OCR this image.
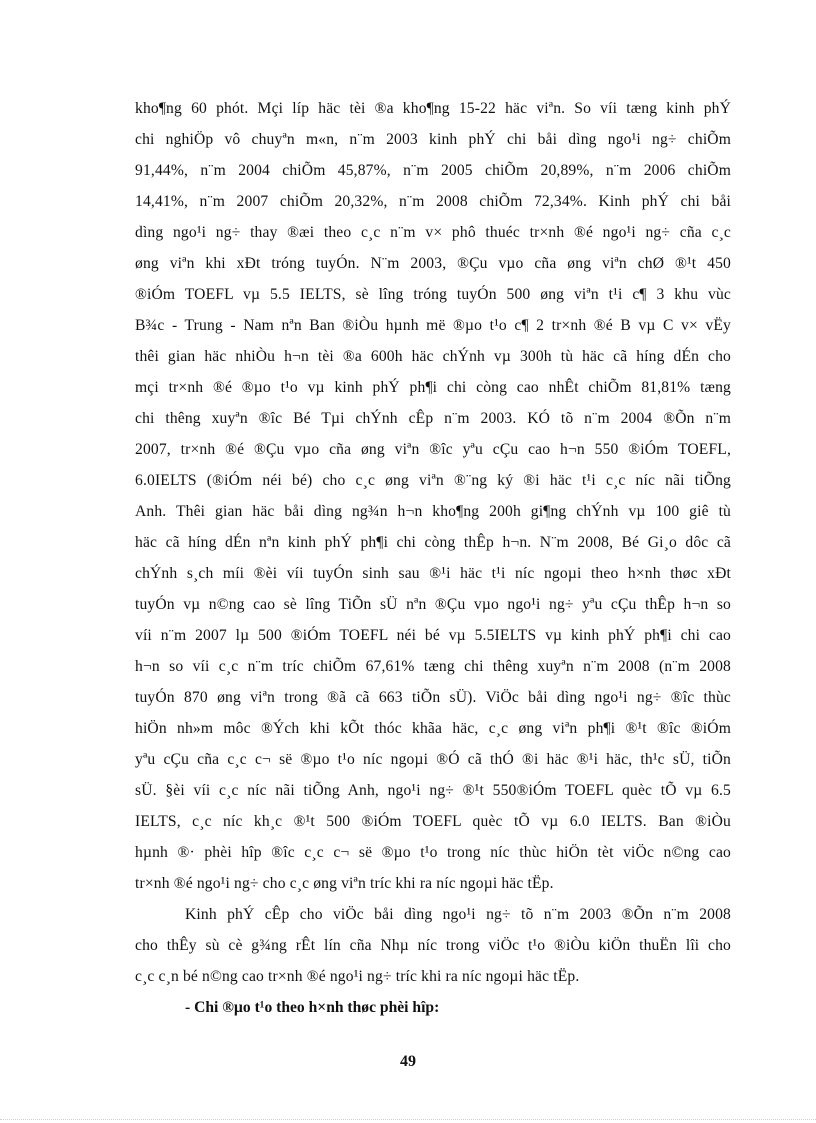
kho¶ng 60 phót. Mçi líp häc tèi ®a kho¶ng 15-22 häc viªn. So víi tæng kinh phÝ
chi nghiÖp vô chuyªn m«n, n¨m 2003 kinh phÝ chi båi dìng ngo¹i ng÷ chiÕm
91,44%, n¨m 2004 chiÕm 45,87%, n¨m 2005 chiÕm 20,89%, n¨m 2006 chiÕm
14,41%, n¨m 2007 chiÕm 20,32%, n¨m 2008 chiÕm 72,34%. Kinh phÝ chi båi
dìng ngo¹i ng÷ thay ®æi theo c¸c n¨m v× phô thuéc tr×nh ®é ngo¹i ng÷ cña c¸c
øng viªn khi xÐt tróng tuyÓn. N¨m 2003, ®Çu vµo cña øng viªn chØ ®¹t 450
®iÓm TOEFL vµ 5.5 IELTS, sè lîng tróng tuyÓn 500 øng viªn t¹i c¶ 3 khu vùc
B¾c - Trung - Nam nªn Ban ®iÒu hµnh më ®µo t¹o c¶ 2 tr×nh ®é B vµ C v× vËy
thêi gian häc nhiÒu h¬n tèi ®a 600h häc chÝnh vµ 300h tù häc cã híng dÉn cho
mçi tr×nh ®é ®µo t¹o vµ kinh phÝ ph¶i chi còng cao nhÊt chiÕm 81,81% tæng
chi thêng xuyªn ®îc Bé Tµi chÝnh cÊp n¨m 2003. KÓ tõ n¨m 2004 ®Õn n¨m
2007, tr×nh ®é ®Çu vµo cña øng viªn ®îc yªu cÇu cao h¬n 550 ®iÓm TOEFL,
6.0IELTS (®iÓm néi bé) cho c¸c øng viªn ®¨ng ký ®i häc t¹i c¸c níc nãi tiÕng
Anh. Thêi gian häc båi dìng ng¾n h¬n kho¶ng 200h gi¶ng chÝnh vµ 100 giê tù
häc cã híng dÉn nªn kinh phÝ ph¶i chi còng thÊp h¬n. N¨m 2008, Bé Gi¸o dôc cã
chÝnh s¸ch míi ®èi víi tuyÓn sinh sau ®¹i häc t¹i níc ngoµi theo h×nh thøc xÐt
tuyÓn vµ n©ng cao sè lîng TiÕn sÜ nªn ®Çu vµo ngo¹i ng÷ yªu cÇu thÊp h¬n so
víi n¨m 2007 lµ 500 ®iÓm TOEFL néi bé vµ 5.5IELTS vµ kinh phÝ ph¶i chi cao
h¬n so víi c¸c n¨m tríc chiÕm 67,61% tæng chi thêng xuyªn n¨m 2008 (n¨m 2008
tuyÓn 870 øng viªn trong ®ã cã 663 tiÕn sÜ). ViÖc båi dìng ngo¹i ng÷ ®îc thùc
hiÖn nh»m môc ®Ých khi kÕt thóc khãa häc, c¸c øng viªn ph¶i ®¹t ®îc ®iÓm
yªu cÇu cña c¸c c¬ së ®µo t¹o níc ngoµi ®Ó cã thÓ ®i häc ®¹i häc, th¹c sÜ, tiÕn
sÜ. §èi víi c¸c níc nãi tiÕng Anh, ngo¹i ng÷ ®¹t 550®iÓm TOEFL quèc tÕ vµ 6.5
IELTS, c¸c níc kh¸c ®¹t 500 ®iÓm TOEFL quèc tÕ vµ 6.0 IELTS. Ban ®iÒu
hµnh ®· phèi hîp ®îc c¸c c¬ së ®µo t¹o trong níc thùc hiÖn tèt viÖc n©ng cao
tr×nh ®é ngo¹i ng÷ cho c¸c øng viªn tríc khi ra níc ngoµi häc tËp.
Kinh phÝ cÊp cho viÖc båi dìng ngo¹i ng÷ tõ n¨m 2003 ®Õn n¨m 2008
cho thÊy sù cè g¾ng rÊt lín cña Nhµ níc trong viÖc t¹o ®iÒu kiÖn thuËn lîi cho
c¸c c¸n bé n©ng cao tr×nh ®é ngo¹i ng÷ tríc khi ra níc ngoµi häc tËp.
- Chi ®µo t¹o theo h×nh thøc phèi hîp:
49
